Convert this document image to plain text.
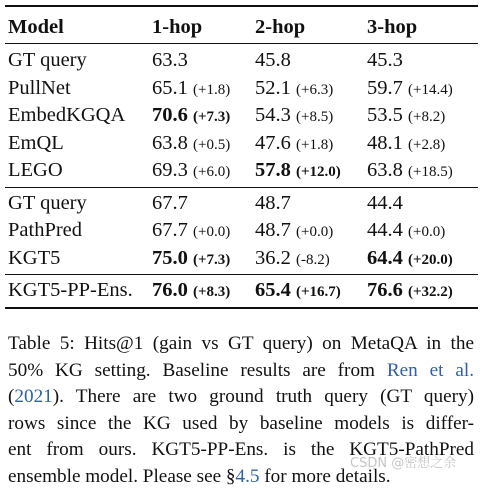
Model	1-hop	2-hop	3-hop
GT query	63.3	45.8	45.3
PullNet	65.1 (+1.8) 52.1 (+6.3) 59.7 (+14.4)
EmbedKGQA 70.6 (+7.3) 54.3 (+8.5) 53.5 (+8.2)
EmQL	63.8 (+0.5) 47.6 (+1.8) 48.1 (+2.8)
LEGO	69.3 (+6.0) 57.8 (+12.0) 63.8 (+18.5)
GT query	67.7	48.7	44.4
PathPred	67.7 (+0.0) 48.7 (+0.0) 44.4 (+0.0)
KGT5	75.0 (+7.3) 36.2 (-8.2) 64.4 (+20.0)
KGT5-PP-Ens. 76.0 (+8.3) 65.4 (+16.7) 76.6 (+32.2)

Table 5: Hits@1 (gain vs GT query) on MetaQA in the
50% KG setting. Baseline results are from Ren et al.
(2021). There are two ground truth query (GT query)
rows since the KG used by baseline models is differ-
ent from ours. KGT5-PP-Ens. is the KGT5-PathPred
ensemble model. Please see §4.5 for more details.

CSDN @密想之余
